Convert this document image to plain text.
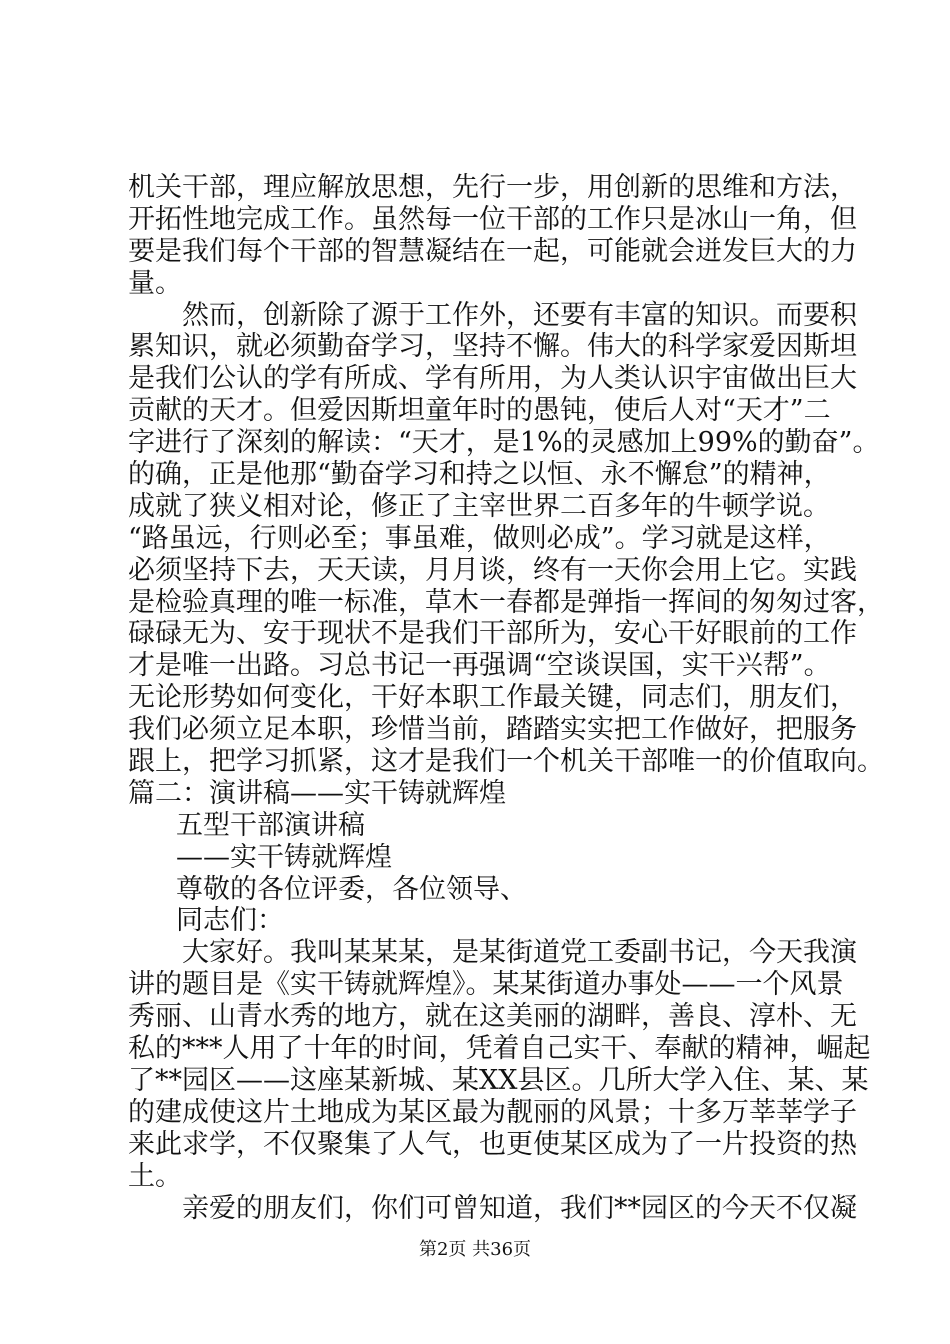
机关干部，理应解放思想，先行一步，用创新的思维和方法，
开拓性地完成工作。虽然每一位干部的工作只是冰山一角，但
要是我们每个干部的智慧凝结在一起，可能就会迸发巨大的力
量。
然而，创新除了源于工作外，还要有丰富的知识。而要积
累知识，就必须勤奋学习，坚持不懈。伟大的科学家爱因斯坦
是我们公认的学有所成、学有所用，为人类认识宇宙做出巨大
贡献的天才。但爱因斯坦童年时的愚钝，使后人对“天才”二
字进行了深刻的解读：“天才，是1%的灵感加上99%的勤奋”。
的确，正是他那“勤奋学习和持之以恒、永不懈怠”的精神，
成就了狭义相对论，修正了主宰世界二百多年的牛顿学说。
“路虽远，行则必至；事虽难，做则必成”。学习就是这样，
必须坚持下去，天天读，月月谈，终有一天你会用上它。实践
是检验真理的唯一标准，草木一春都是弹指一挥间的匆匆过客，
碌碌无为、安于现状不是我们干部所为，安心干好眼前的工作
才是唯一出路。习总书记一再强调“空谈误国，实干兴帮”。
无论形势如何变化，干好本职工作最关键，同志们，朋友们，
我们必须立足本职，珍惜当前，踏踏实实把工作做好，把服务
跟上，把学习抓紧，这才是我们一个机关干部唯一的价值取向。
篇二：演讲稿——实干铸就辉煌
五型干部演讲稿
——实干铸就辉煌
尊敬的各位评委，各位领导、
同志们：
大家好。我叫某某某，是某街道党工委副书记，今天我演
讲的题目是《实干铸就辉煌》。某某街道办事处——一个风景
秀丽、山青水秀的地方，就在这美丽的湖畔，善良、淳朴、无
私的***人用了十年的时间，凭着自己实干、奉献的精神，崛起
了**园区——这座某新城、某XX县区。几所大学入住、某、某
的建成使这片土地成为某区最为靓丽的风景；十多万莘莘学子
来此求学，不仅聚集了人气，也更使某区成为了一片投资的热
土。
亲爱的朋友们，你们可曾知道，我们**园区的今天不仅凝
第2页 共36页
